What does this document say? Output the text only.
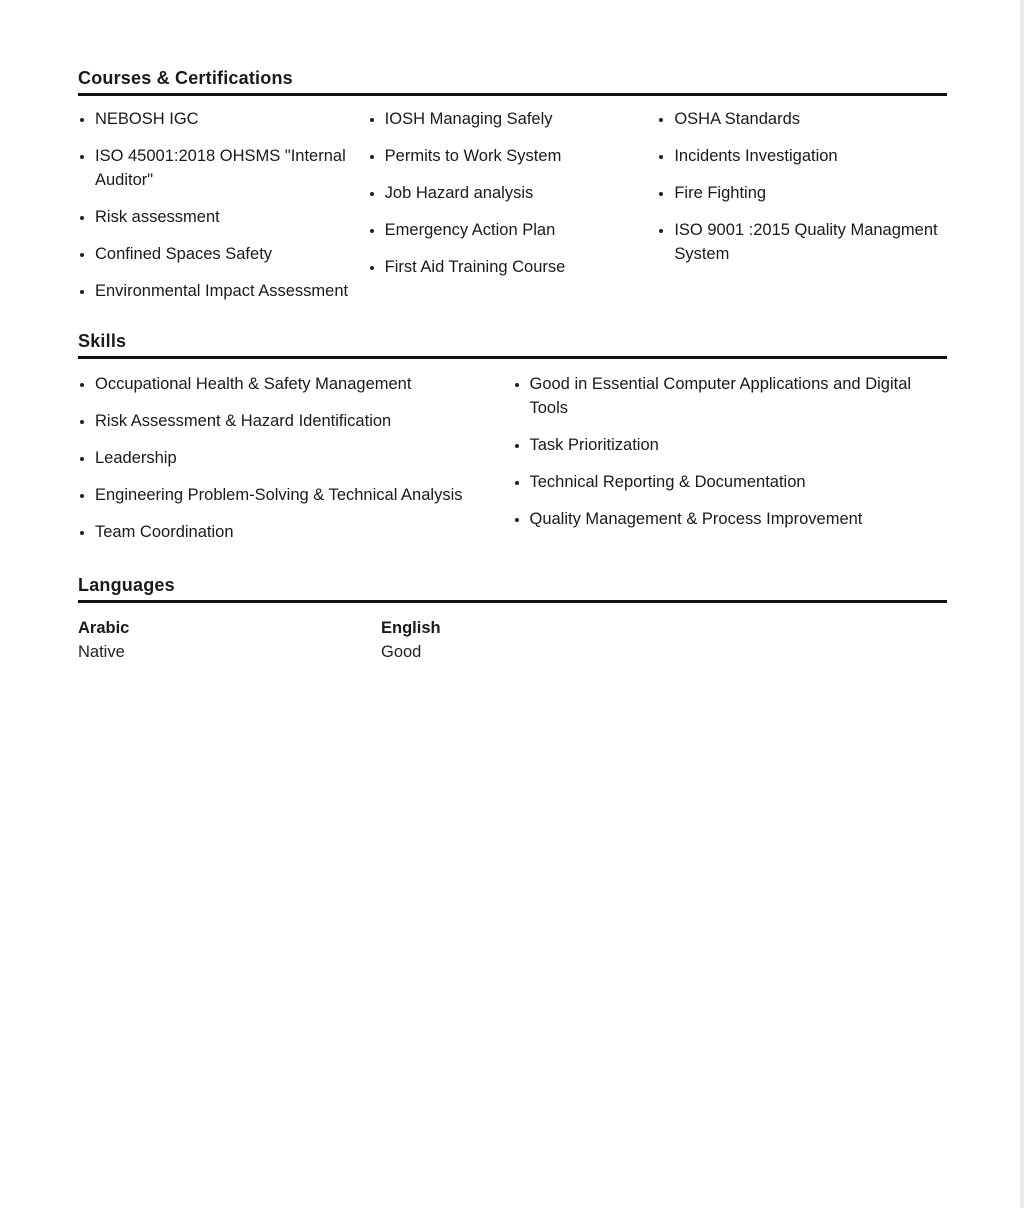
Courses & Certifications
NEBOSH IGC
ISO 45001:2018 OHSMS "Internal Auditor"
Risk assessment
Confined Spaces Safety
Environmental Impact Assessment
IOSH Managing Safely
Permits to Work System
Job Hazard analysis
Emergency Action Plan
First Aid Training Course
OSHA Standards
Incidents Investigation
Fire Fighting
ISO 9001 :2015 Quality Managment System
Skills
Occupational Health & Safety Management
Risk Assessment & Hazard Identification
Leadership
Engineering Problem-Solving & Technical Analysis
Team Coordination
Good in Essential Computer Applications and Digital Tools
Task Prioritization
Technical Reporting & Documentation
Quality Management & Process Improvement
Languages
Arabic
Native
English
Good
